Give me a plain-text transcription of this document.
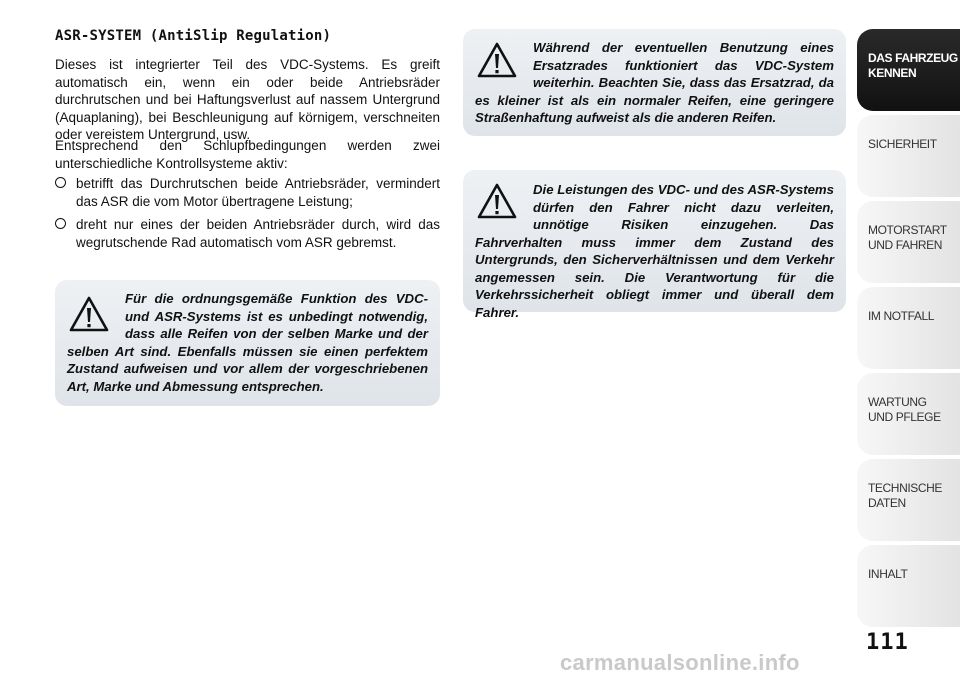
ASR-SYSTEM (AntiSlip Regulation)

Dieses ist integrierter Teil des VDC-Systems. Es greift automatisch ein, wenn ein oder beide Antriebsräder durchrutschen und bei Haftungsverlust auf nassem Untergrund (Aquaplaning), bei Beschleunigung auf körnigem, verschneiten oder vereistem Untergrund, usw.

Entsprechend den Schlupfbedingungen werden zwei unterschiedliche Kontrollsysteme aktiv:

betrifft das Durchrutschen beide Antriebsräder, vermindert das ASR die vom Motor übertragene Leistung;
dreht nur eines der beiden Antriebsräder durch, wird das wegrutschende Rad automatisch vom ASR gebremst.

Für die ordnungsgemäße Funktion des VDC- und ASR-Systems ist es unbedingt notwendig, dass alle Reifen von der selben Marke und der selben Art sind. Ebenfalls müssen sie einen perfektem Zustand aufweisen und vor allem der vorgeschriebenen Art, Marke und Abmessung entsprechen.

Während der eventuellen Benutzung eines Ersatzrades funktioniert das VDC-System weiterhin. Beachten Sie, dass das Ersatzrad, da es kleiner ist als ein normaler Reifen, eine geringere Straßenhaftung aufweist als die anderen Reifen.

Die Leistungen des VDC- und des ASR-Systems dürfen den Fahrer nicht dazu verleiten, unnötige Risiken einzugehen. Das Fahrverhalten muss immer dem Zustand des Untergrunds, den Sicherverhältnissen und dem Verkehr angemessen sein. Die Verantwortung für die Verkehrssicherheit obliegt immer und überall dem Fahrer.

DAS FAHRZEUG
KENNEN
SICHERHEIT
MOTORSTART
UND FAHREN
IM NOTFALL
WARTUNG
UND PFLEGE
TECHNISCHE
DATEN
INHALT
111
carmanualsonline.info
